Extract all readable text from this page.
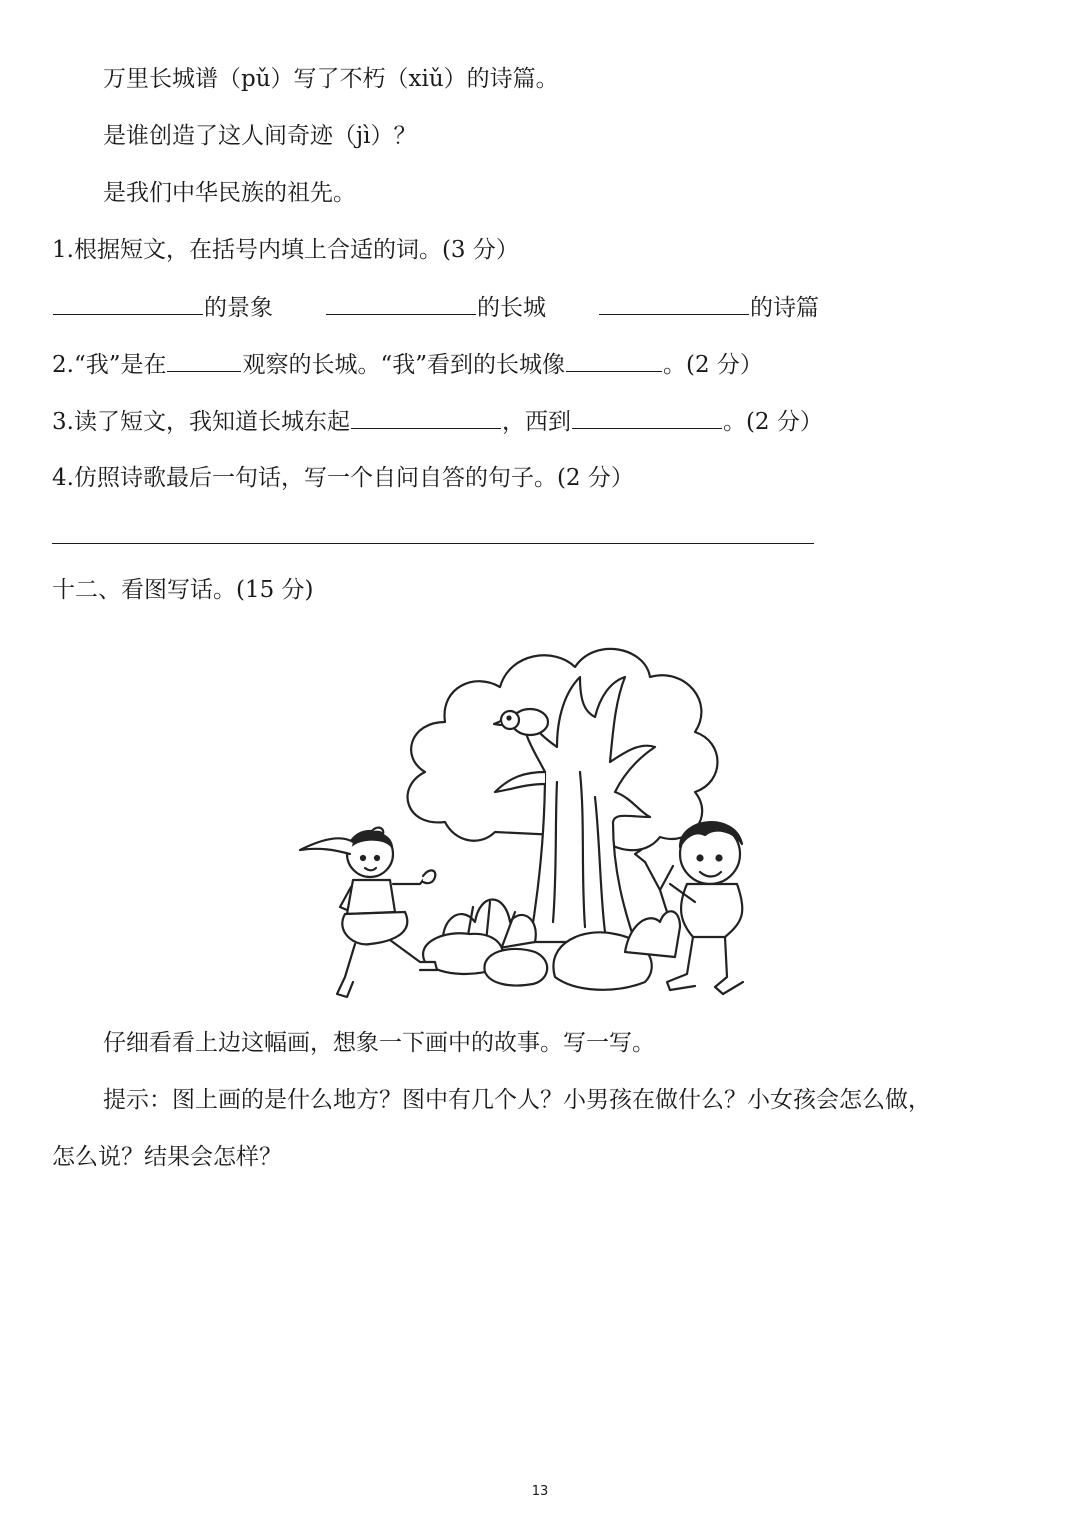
万里长城谱（pǔ）写了不朽（xiǔ）的诗篇。
是谁创造了这人间奇迹（jì）？
是我们中华民族的祖先。
1.根据短文，在括号内填上合适的词。(3 分）
的景象	的长城	的诗篇
2.“我”是在	观察的长城。“我”看到的长城像	。(2 分）
3.读了短文，我知道长城东起	，西到	。(2 分）
4.仿照诗歌最后一句话，写一个自问自答的句子。(2 分）
十二、看图写话。(15 分)
仔细看看上边这幅画，想象一下画中的故事。写一写。
提示：图上画的是什么地方？图中有几个人？小男孩在做什么？小女孩会怎么做，
怎么说？结果会怎样？
13
